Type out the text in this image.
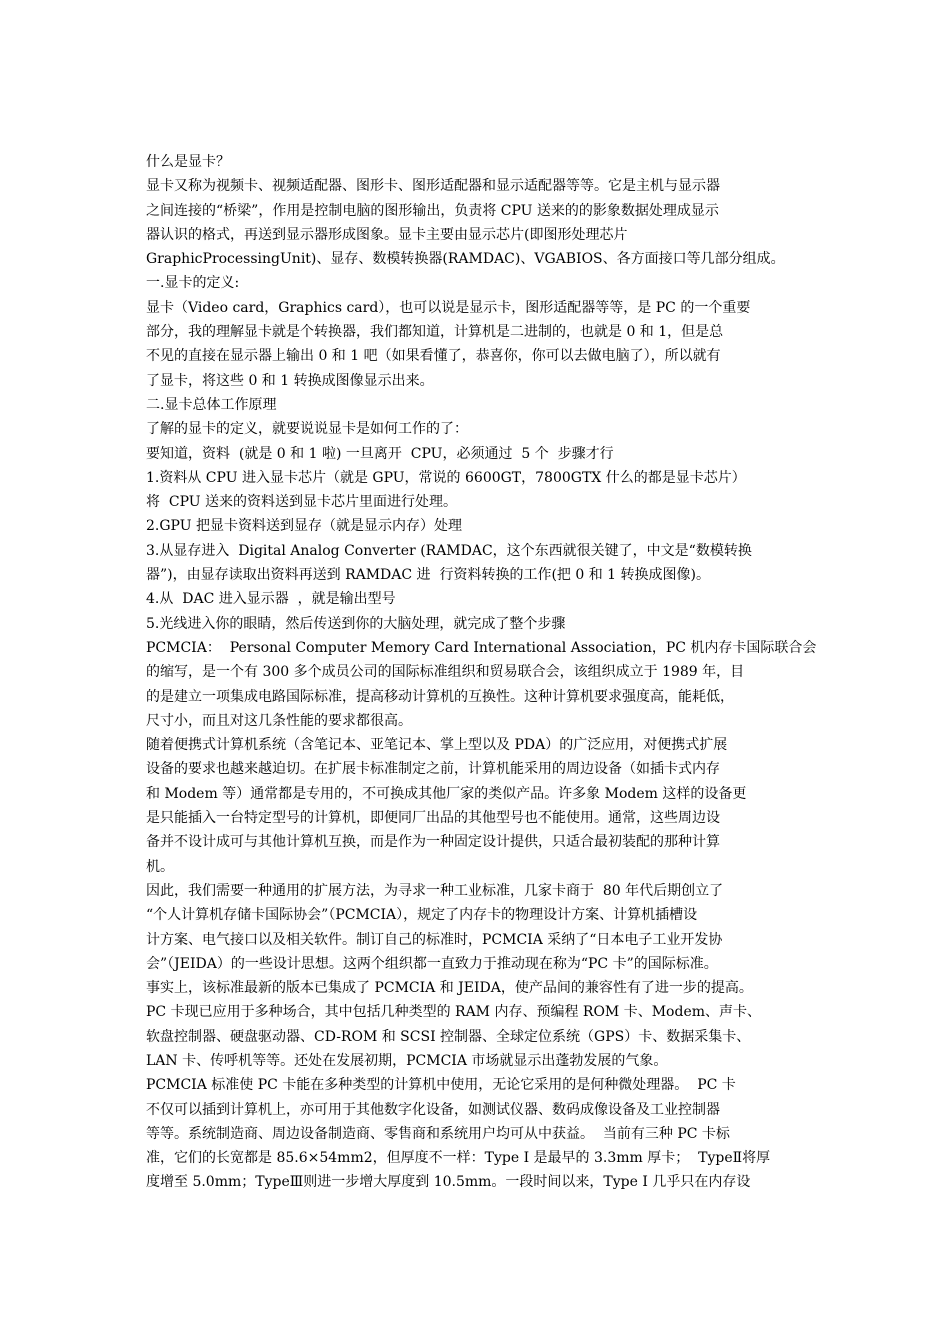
什么是显卡？
显卡又称为视频卡、视频适配器、图形卡、图形适配器和显示适配器等等。它是主机与显示器
之间连接的“桥梁”，作用是控制电脑的图形输出，负责将 CPU 送来的的影象数据处理成显示
器认识的格式，再送到显示器形成图象。显卡主要由显示芯片(即图形处理芯片
GraphicProcessingUnit)、显存、数模转换器(RAMDAC)、VGABIOS、各方面接口等几部分组成。
一.显卡的定义:
显卡（Video card，Graphics card），也可以说是显示卡，图形适配器等等，是 PC 的一个重要
部分，我的理解显卡就是个转换器，我们都知道，计算机是二进制的，也就是 0 和 1，但是总
不见的直接在显示器上输出 0 和 1 吧（如果看懂了，恭喜你，你可以去做电脑了），所以就有
了显卡，将这些 0 和 1 转换成图像显示出来。
二.显卡总体工作原理
了解的显卡的定义，就要说说显卡是如何工作的了：
要知道，资料  (就是 0 和 1 啦) 一旦离开  CPU，必须通过  5 个  步骤才行
1.资料从 CPU 进入显卡芯片（就是 GPU，常说的 6600GT，7800GTX 什么的都是显卡芯片）
将  CPU 送来的资料送到显卡芯片里面进行处理。
2.GPU 把显卡资料送到显存（就是显示内存）处理
3.从显存进入  Digital Analog Converter (RAMDAC，这个东西就很关键了，中文是“数模转换
器”)，由显存读取出资料再送到 RAMDAC 进  行资料转换的工作(把 0 和 1 转换成图像)。
4.从  DAC 进入显示器  ，就是输出型号
5.光线进入你的眼睛，然后传送到你的大脑处理，就完成了整个步骤
PCMCIA：  Personal Computer Memory Card International Association，PC 机内存卡国际联合会
的缩写，是一个有 300 多个成员公司的国际标准组织和贸易联合会，该组织成立于 1989 年，目
的是建立一项集成电路国际标准，提高移动计算机的互换性。这种计算机要求强度高，能耗低，
尺寸小，而且对这几条性能的要求都很高。
随着便携式计算机系统（含笔记本、亚笔记本、掌上型以及 PDA）的广泛应用，对便携式扩展
设备的要求也越来越迫切。在扩展卡标准制定之前，计算机能采用的周边设备（如插卡式内存
和 Modem 等）通常都是专用的，不可换成其他厂家的类似产品。许多象 Modem 这样的设备更
是只能插入一台特定型号的计算机，即便同厂出品的其他型号也不能使用。通常，这些周边设
备并不设计成可与其他计算机互换，而是作为一种固定设计提供，只适合最初装配的那种计算
机。
因此，我们需要一种通用的扩展方法，为寻求一种工业标准，几家卡商于  80 年代后期创立了
“个人计算机存储卡国际协会”（PCMCIA），规定了内存卡的物理设计方案、计算机插槽设
计方案、电气接口以及相关软件。制订自己的标准时，PCMCIA 采纳了“日本电子工业开发协
会”（JEIDA）的一些设计思想。这两个组织都一直致力于推动现在称为“PC 卡”的国际标准。
事实上，该标准最新的版本已集成了 PCMCIA 和 JEIDA，使产品间的兼容性有了进一步的提高。
PC 卡现已应用于多种场合，其中包括几种类型的 RAM 内存、预编程 ROM 卡、Modem、声卡、
软盘控制器、硬盘驱动器、CD-ROM 和 SCSI 控制器、全球定位系统（GPS）卡、数据采集卡、
LAN 卡、传呼机等等。还处在发展初期，PCMCIA 市场就显示出蓬勃发展的气象。
PCMCIA 标准使 PC 卡能在多种类型的计算机中使用，无论它采用的是何种微处理器。  PC 卡
不仅可以插到计算机上，亦可用于其他数字化设备，如测试仪器、数码成像设备及工业控制器
等等。系统制造商、周边设备制造商、零售商和系统用户均可从中获益。  当前有三种 PC 卡标
准，它们的长宽都是 85.6×54mm2，但厚度不一样：Type I 是最早的 3.3mm 厚卡；  TypeⅡ将厚
度增至 5.0mm；TypeⅢ则进一步增大厚度到 10.5mm。一段时间以来，Type I 几乎只在内存设
